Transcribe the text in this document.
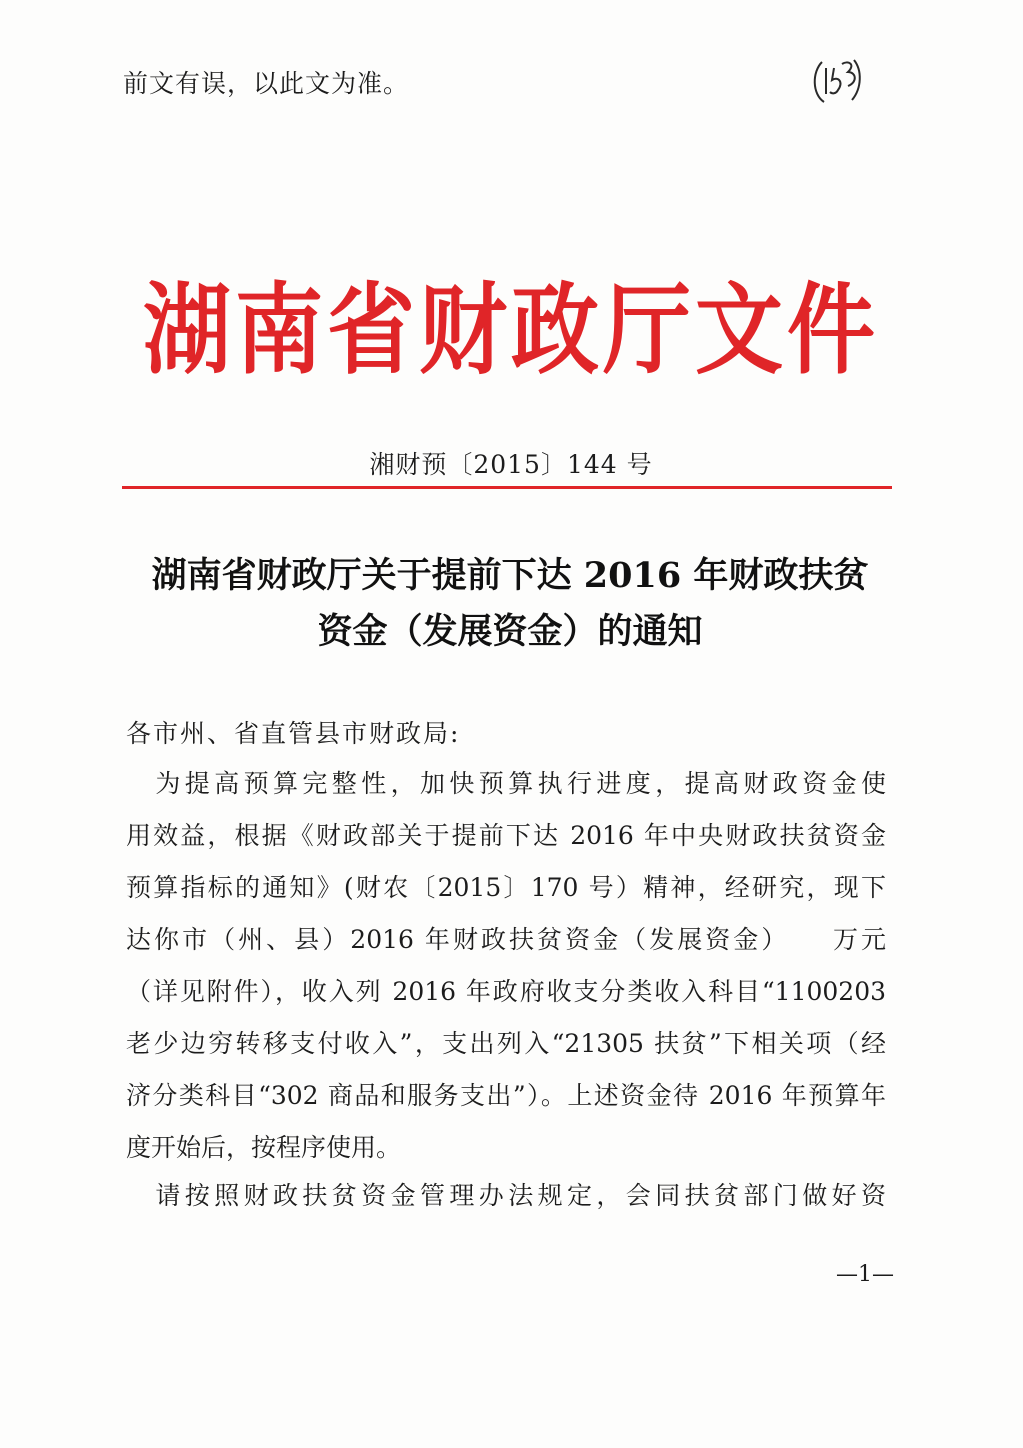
前文有误，以此文为准。
湖南省财政厅文件
湘财预〔2015〕144 号
湖南省财政厅关于提前下达 2016 年财政扶贫
资金（发展资金）的通知
各市州、省直管县市财政局:
　为提高预算完整性，加快预算执行进度，提高财政资金使
用效益，根据《财政部关于提前下达 2016 年中央财政扶贫资金
预算指标的通知》(财农〔2015〕170 号）精神，经研究，现下
达你市（州、县）2016 年财政扶贫资金（发展资金）　　万元
（详见附件），收入列 2016 年政府收支分类收入科目“1100203
老少边穷转移支付收入”，支出列入“21305 扶贫”下相关项（经
济分类科目“302 商品和服务支出”）。上述资金待 2016 年预算年
度开始后，按程序使用。
　请按照财政扶贫资金管理办法规定，会同扶贫部门做好资
—1—
